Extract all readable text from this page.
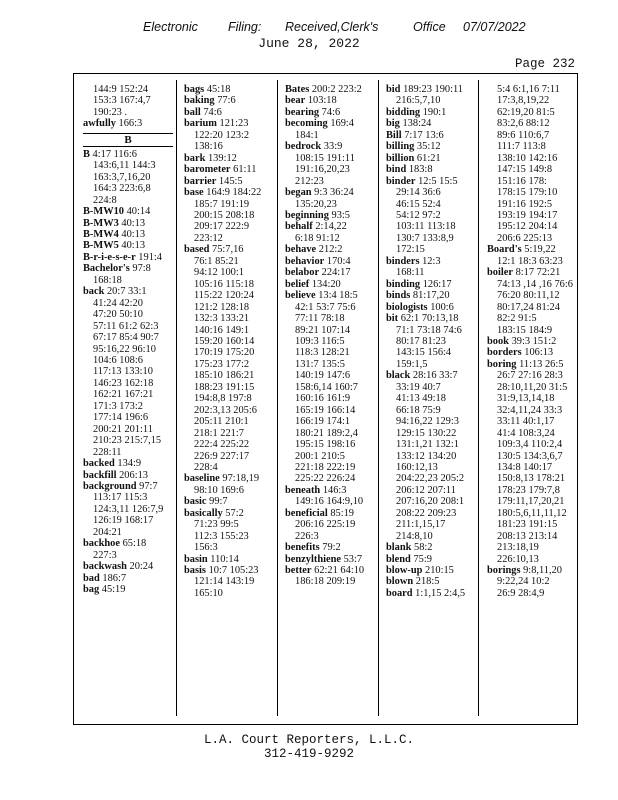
Electronic Filing: Received,Clerk's	Office 07/07/2022
June 28, 2022
Page 232
144:9 152:24
153:3 167:4,7
190:23 .
awfully 166:3
B
B 4:17 116:6
143:6,11 144:3
163:3,7,16,20
164:3 223:6,8
224:8
B-MW10 40:14
B-MW3 40:13
B-MW4 40:13
B-MW5 40:13
B-r-i-e-s-e-r 191:4
Bachelor's 97:8
168:18
back 20:7 33:1
41:24 42:20
47:20 50:10
57:11 61:2 62:3
67:17 85:4 90:7
95:16,22 96:10
104:6 108:6
117:13 133:10
146:23 162:18
162:21 167:21
171:3 173:2
177:14 196:6
200:21 201:11
210:23 215:7,15
228:11
backed 134:9
backfill 206:13
background 97:7
113:17 115:3
124:3,11 126:7,9
126:19 168:17
204:21
backhoe 65:18
227:3
backwash 20:24
bad 186:7
bag 45:19
bags 45:18
baking 77:6
ball 74:6
barium 121:23
122:20 123:2
138:16
bark 139:12
barometer 61:11
barrier 145:5
base 164:9 184:22
185:7 191:19
200:15 208:18
209:17 222:9
223:12
based 75:7,16
76:1 85:21
94:12 100:1
105:16 115:18
115:22 120:24
121:2 128:18
132:3 133:21
140:16 149:1
159:20 160:14
170:19 175:20
175:23 177:2
185:10 186:21
188:23 191:15
194:8,8 197:8
202:3,13 205:6
205:11 210:1
218:1 221:7
222:4 225:22
226:9 227:17
228:4
baseline 97:18,19
98:10 169:6
basic 99:7
basically 57:2
71:23 99:5
112:3 155:23
156:3
basin 110:14
basis 10:7 105:23
121:14 143:19
165:10
Bates 200:2 223:2
bear 103:18
bearing 74:6
becoming 169:4
184:1
bedrock 33:9
108:15 191:11
191:16,20,23
212:23
began 9:3 36:24
135:20,23
beginning 93:5
behalf 2:14,22
6:18 91:12
behave 212:2
behavior 170:4
belabor 224:17
belief 134:20
believe 13:4 18:5
42:1 53:7 75:6
77:11 78:18
89:21 107:14
109:3 116:5
118:3 128:21
131:7 135:5
140:19 147:6
158:6,14 160:7
160:16 161:9
165:19 166:14
166:19 174:1
180:21 189:2,4
195:15 198:16
200:1 210:5
221:18 222:19
225:22 226:24
beneath 146:3
149:16 164:9,10
beneficial 85:19
206:16 225:19
226:3
benefits 79:2
benzylthiene 53:7
better 62:21 64:10
186:18 209:19
bid 189:23 190:11
216:5,7,10
bidding 190:1
big 138:24
Bill 7:17 13:6
billing 35:12
billion 61:21
bind 183:8
binder 12:5 15:5
29:14 36:6
46:15 52:4
54:12 97:2
103:11 113:18
130:7 133:8,9
172:15
binders 12:3
168:11
binding 126:17
binds 81:17,20
biologists 100:6
bit 62:1 70:13,18
71:1 73:18 74:6
80:17 81:23
143:15 156:4
159:1,5
black 28:16 33:7
33:19 40:7
41:13 49:18
66:18 75:9
94:16,22 129:3
129:15 130:22
131:1,21 132:1
133:12 134:20
160:12,13
204:22,23 205:2
206:12 207:11
207:16,20 208:1
208:22 209:23
211:1,15,17
214:8,10
blank 58:2
blend 75:9
blow-up 210:15
blown 218:5
board 1:1,15 2:4,5
5:4 6:1,16 7:11
17:3,8,19,22
62:19,20 81:5
83:2,6 88:12
89:6 110:6,7
111:7 113:8
138:10 142:16
147:15 149:8
151:16 178:
178:15 179:10
191:16 192:5
193:19 194:17
195:12 204:14
206:6 225:13
Board's 5:19,22
12:1 18:3 63:23
boiler 8:17 72:21
74:13 ,14 ,16 76:6
76:20 80:11,12
80:17,24 81:24
82:2 91:5
183:15 184:9
book 39:3 151:2
borders 106:13
boring 11:13 26:5
26:7 27:16 28:3
28:10,11,20 31:5
31:9,13,14,18
32:4,11,24 33:3
33:11 40:1,17
41:4 108:3,24
109:3,4 110:2,4
130:5 134:3,6,7
134:8 140:17
150:8,13 178:21
178:23 179:7,8
179:11,17,20,21
180:5,6,11,11,12
181:23 191:15
208:13 213:14
213:18,19
226:10,13
borings 9:8,11,20
9:22,24 10:2
26:9 28:4,9
L.A. Court Reporters, L.L.C.
312-419-9292
